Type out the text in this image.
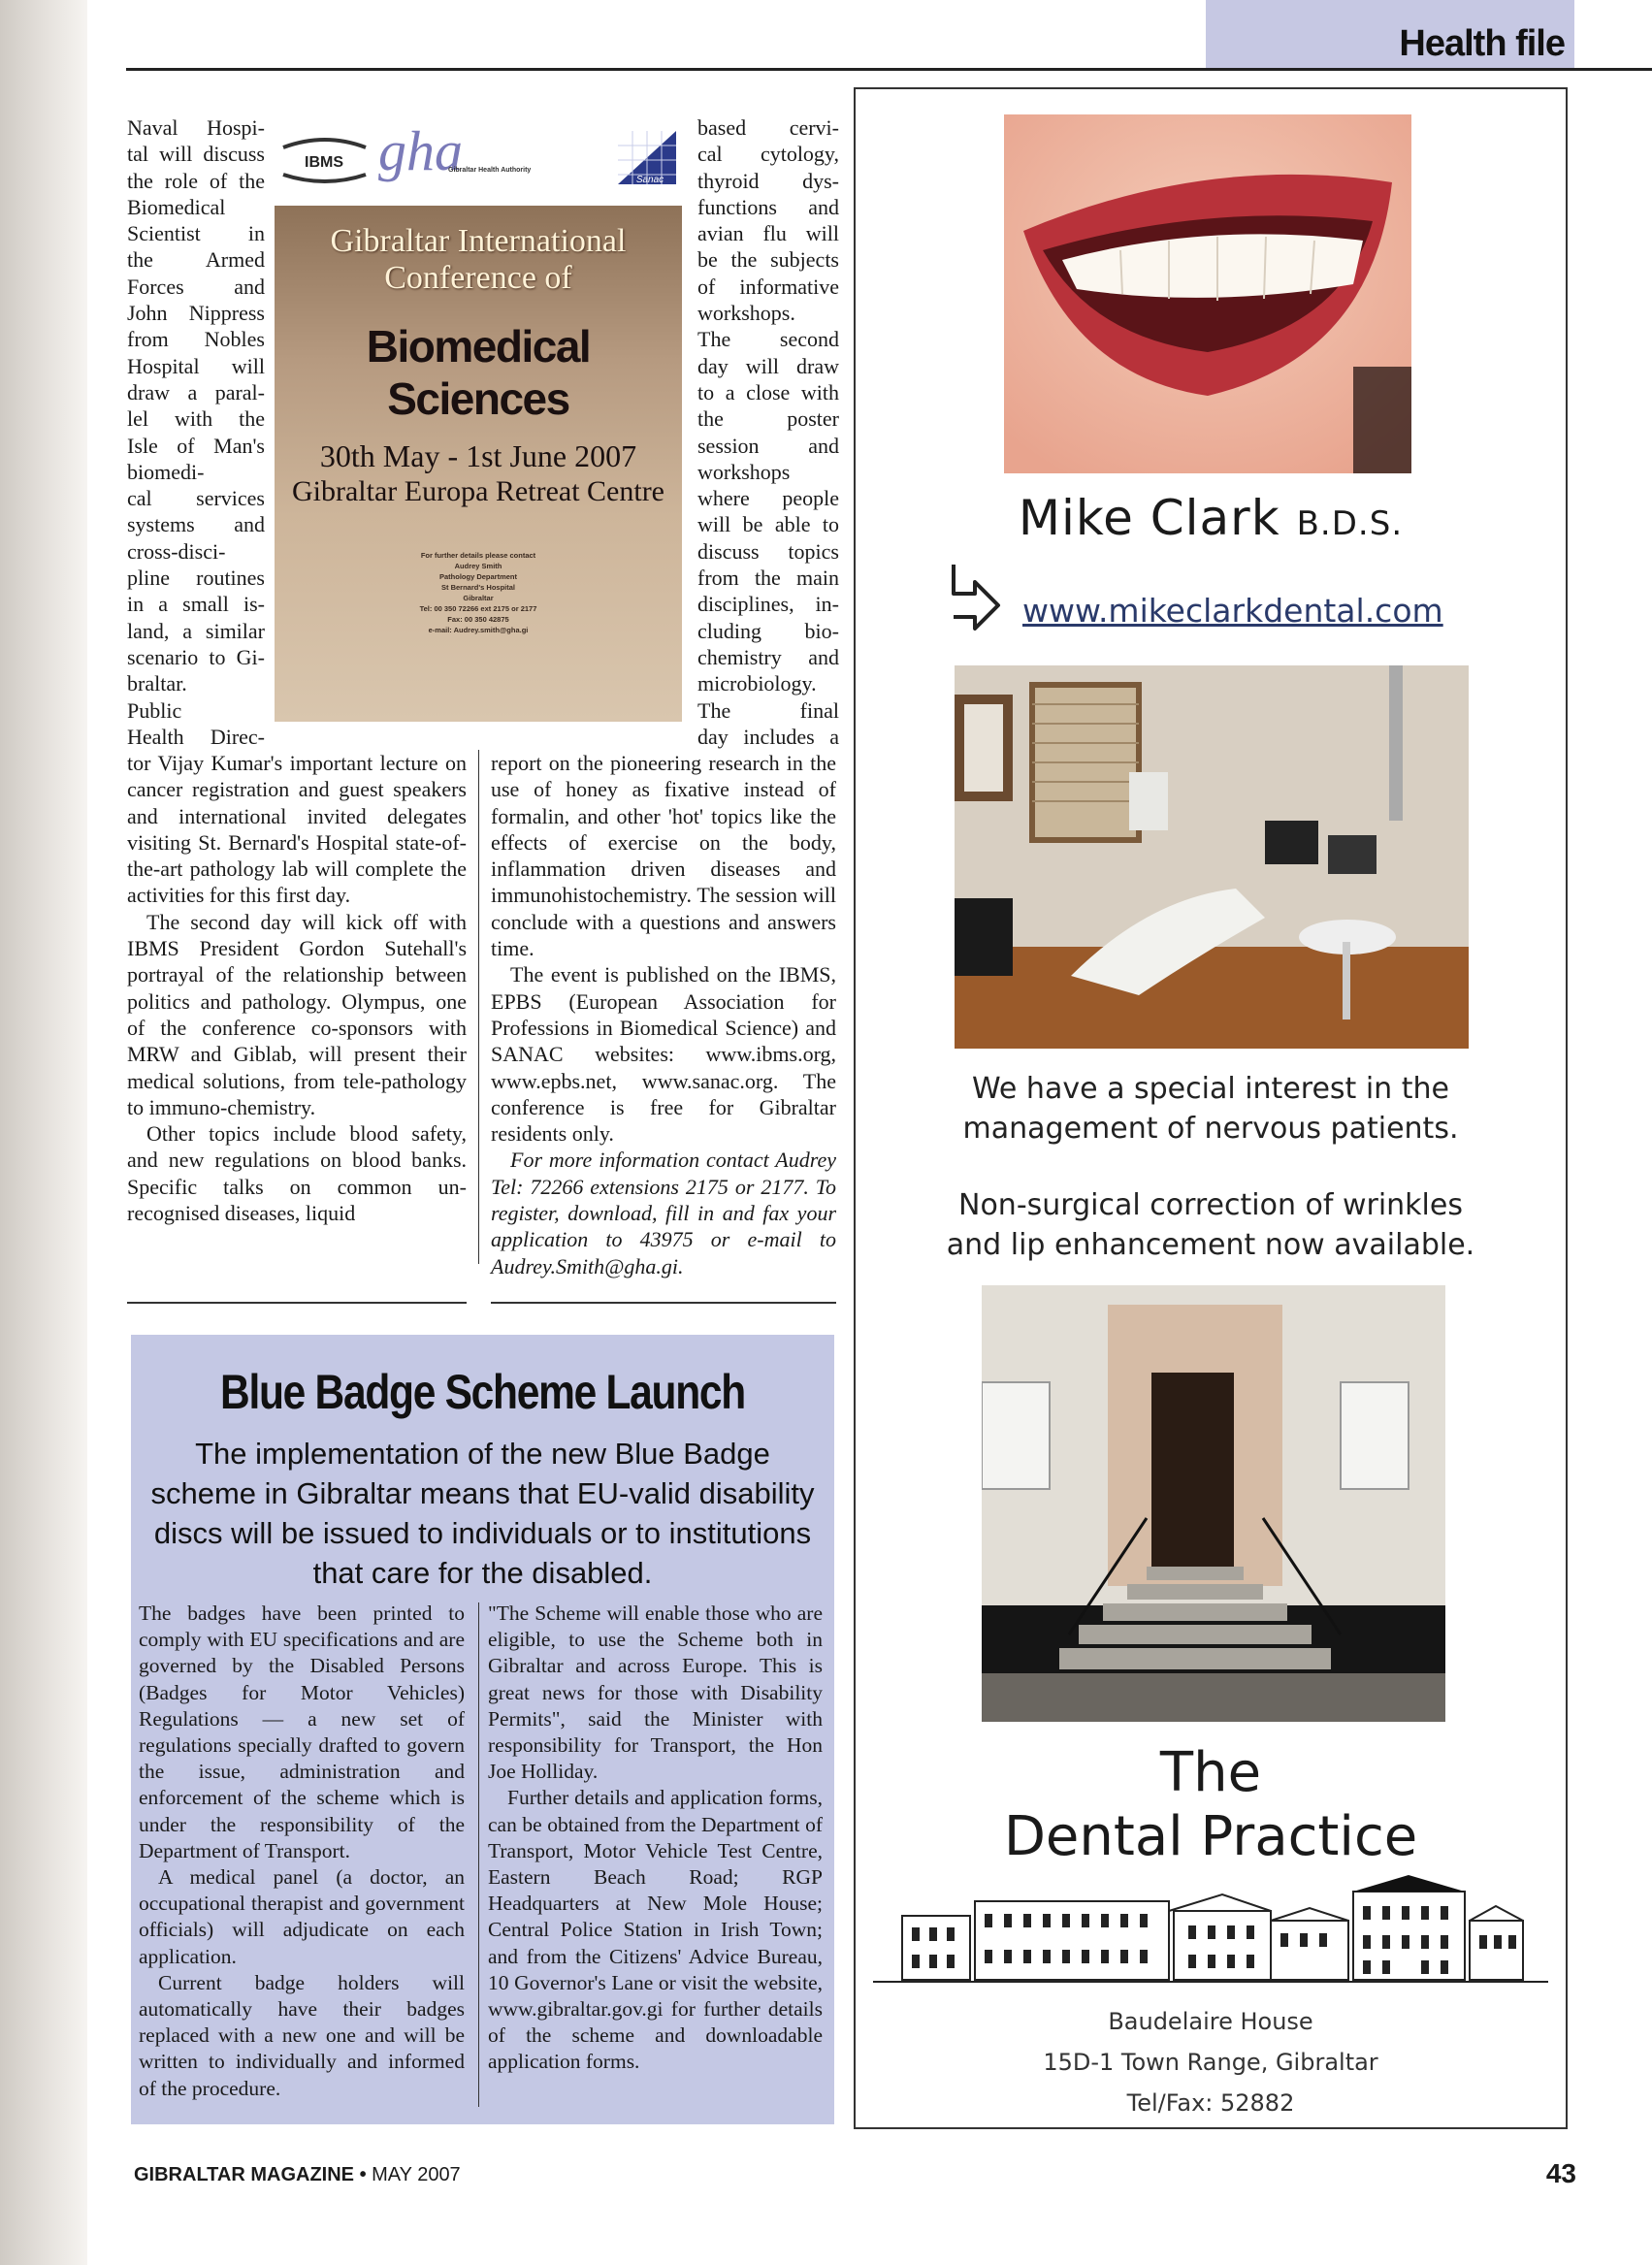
Health file
IBMS gha
Gibraltar Health Authority
Sanac
Gibraltar International Conference of
Biomedical Sciences
30th May - 1st June 2007
Gibraltar Europa Retreat Centre
For further details please contact
Audrey Smith
Pathology Department
St Bernard's Hospital
Gibraltar
Tel: 00 350 72266 ext 2175 or 2177
Fax: 00 350 42875
e-mail: Audrey.smith@gha.gi
Naval Hospi-
tal will discuss
the role of the
Biomedical
Scientist in
the Armed
Forces and
John Nippress
from Nobles
Hospital will
draw a paral-
lel with the
Isle of Man's
biomedi-
cal services
systems and
cross-disci-
pline routines
in a small is-
land, a similar
scenario to Gi-
braltar.
Public
Health Direc-

tor Vijay Kumar's important lecture on cancer registration and guest speakers and international invited delegates visiting St. Bernard's Hospital state-of-the-art pathology lab will complete the activities for this first day.

The second day will kick off with IBMS President Gordon Sutehall's portrayal of the relationship between politics and pathology. Olympus, one of the conference co-sponsors with MRW and Giblab, will present their medical solutions, from tele-pathology to immuno-chemistry.

Other topics include blood safety, and new regulations on blood banks. Specific talks on common un-recognised diseases, liquid

based cervi-
cal cytology,
thyroid dys-
functions and
avian flu will
be the subjects
of informative
workshops.
The second
day will draw
to a close with
the poster
session and
workshops
where people
will be able to
discuss topics
from the main
disciplines, in-
cluding bio-
chemistry and
microbiology.
The final
day includes a

report on the pioneering research in the use of honey as fixative instead of formalin, and other 'hot' topics like the effects of exercise on the body, inflammation driven diseases and immunohistochemistry. The session will conclude with a questions and answers time.

The event is published on the IBMS, EPBS (European Association for Professions in Biomedical Science) and SANAC websites: www.ibms.org, www.epbs.net, www.sanac.org. The conference is free for Gibraltar residents only.

For more information contact Audrey Tel: 72266 extensions 2175 or 2177. To register, download, fill in and fax your application to 43975 or e-mail to Audrey.Smith@gha.gi.

Blue Badge Scheme Launch
The implementation of the new Blue Badge scheme in Gibraltar means that EU-valid disability discs will be issued to individuals or to institutions that care for the disabled.

The badges have been printed to comply with EU specifications and are governed by the Disabled Persons (Badges for Motor Vehicles) Regulations — a new set of regulations specially drafted to govern the issue, administration and enforcement of the scheme which is under the responsibility of the Department of Transport.

A medical panel (a doctor, an occupational therapist and government officials) will adjudicate on each application.

Current badge holders will automatically have their badges replaced with a new one and will be written to individually and informed of the procedure.

"The Scheme will enable those who are eligible, to use the Scheme both in Gibraltar and across Europe. This is great news for those with Disability Permits", said the Minister with responsibility for Transport, the Hon Joe Holliday.

Further details and application forms, can be obtained from the Department of Transport, Motor Vehicle Test Centre, Eastern Beach Road; RGP Headquarters at New Mole House; Central Police Station in Irish Town; and from the Citizens' Advice Bureau, 10 Governor's Lane or visit the website, www.gibraltar.gov.gi for further details of the scheme and downloadable application forms.

Mike Clark B.D.S.
www.mikeclarkdental.com
We have a special interest in the management of nervous patients.
Non-surgical correction of wrinkles and lip enhancement now available.
The
Dental Practice
Baudelaire House
15D-1 Town Range, Gibraltar
Tel/Fax: 52882
GIBRALTAR MAGAZINE • MAY 2007	43
